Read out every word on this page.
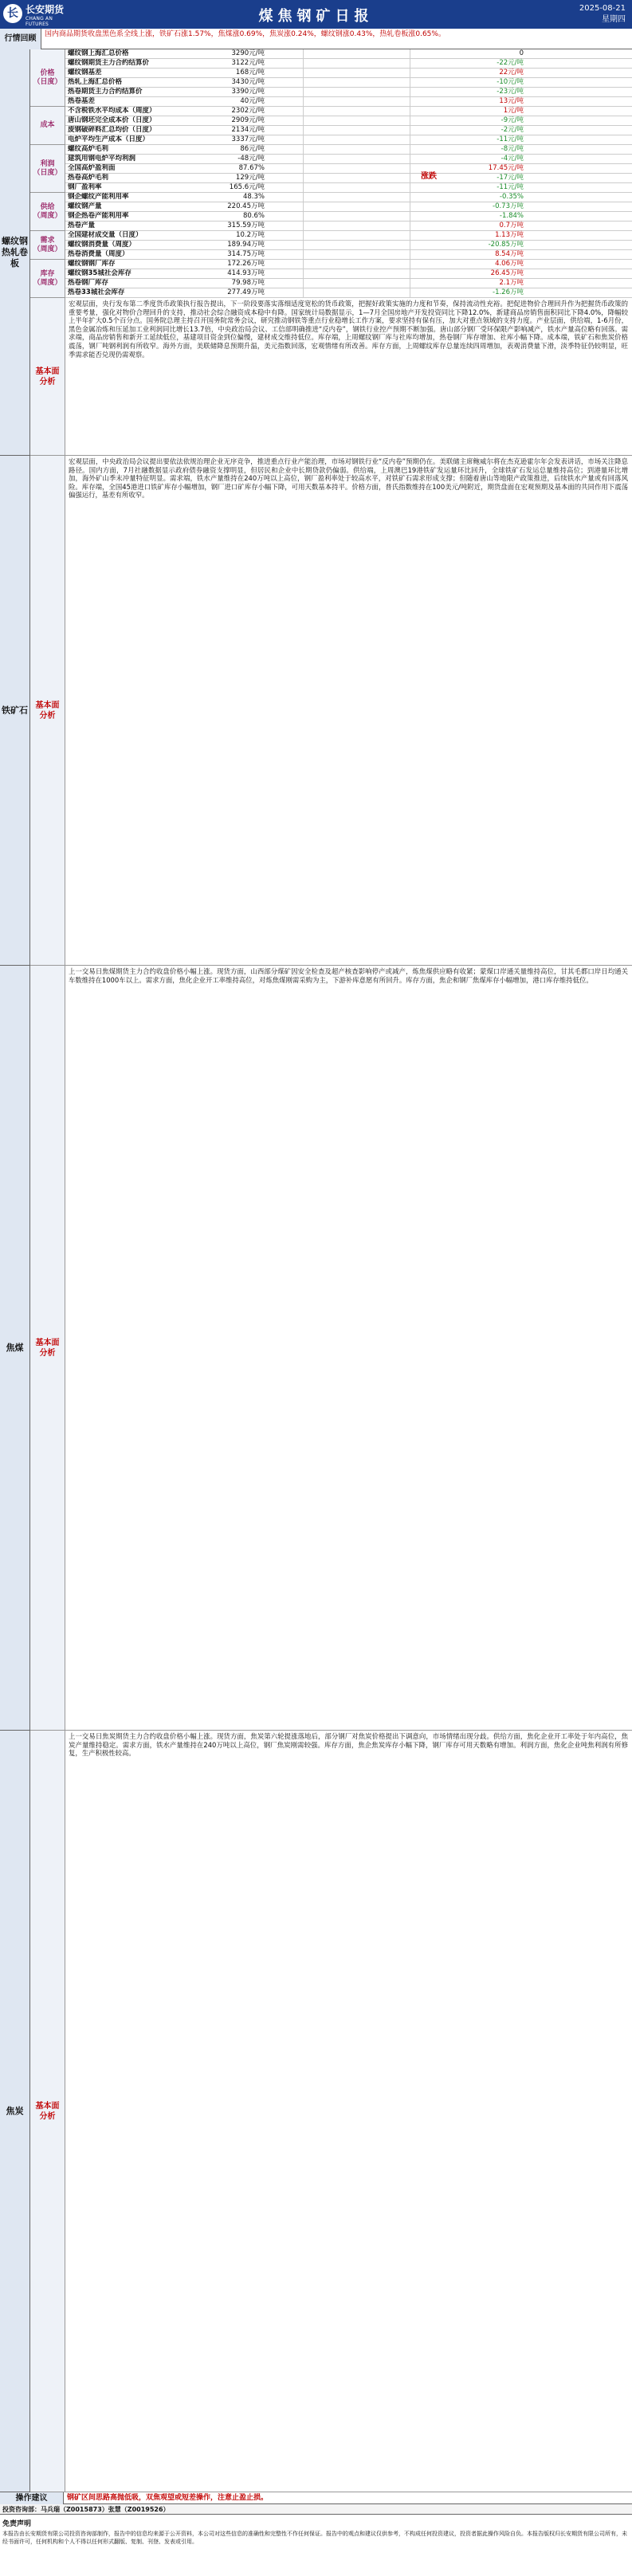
长 长安期货
CHANG AN FUTURES	煤焦钢矿日报	2025-08-21
星期四
行情回顾	国内商品期货收盘黑色系全线上涨，铁矿石涨1.57%，焦煤涨0.69%，焦炭涨0.24%，螺纹钢涨0.43%，热轧卷板涨0.65%。
螺纹钢
热轧卷板
价格
（日度）
螺纹钢上海汇总价格	3290元/吨	0
螺纹钢期货主力合约结算价	3122元/吨	-22元/吨
螺纹钢基差	168元/吨	22元/吨
热轧上海汇总价格	3430元/吨	-10元/吨
热卷期货主力合约结算价	3390元/吨	-23元/吨
热卷基差	40元/吨	13元/吨
成本
不含税铁水平均成本（周度）	2302元/吨	1元/吨
唐山钢坯完全成本价（日度）	2909元/吨	-9元/吨
废钢破碎料汇总均价（日度）	2134元/吨	-2元/吨
电炉平均生产成本（日度）	3337元/吨	-11元/吨
利润
（日度）
螺纹高炉毛利	86元/吨	-8元/吨
建筑用钢电炉平均利润	-48元/吨	-4元/吨
全国高炉盈利面	87.67%	17.45元/吨
热卷高炉毛利	129元/吨	-17元/吨
钢厂盈利率	165.6元/吨	-11元/吨
供给
（周度）
钢企螺纹产能利用率	48.3%	-0.35%
螺纹钢产量	220.45万吨	-0.73万吨
钢企热卷产能利用率	80.6%	-1.84%
热卷产量	315.59万吨	0.7万吨
需求
（周度）
全国建材成交量（日度）	10.2万吨	1.13万吨
螺纹钢消费量（周度）	189.94万吨	-20.85万吨
热卷消费量（周度）	314.75万吨	8.54万吨
库存
（周度）
螺纹钢钢厂库存	172.26万吨	4.06万吨
螺纹钢35城社会库存	414.93万吨	26.45万吨
热卷钢厂库存	79.98万吨	2.1万吨
热卷33城社会库存	277.49万吨	-1.26万吨
涨跌
基本面
分析
宏观层面，央行发布第二季度货币政策执行报告提出，下一阶段要落实落细适度宽松的货币政策，把握好政策实施的力度和节奏，保持流动性充裕。把促进物价合理回升作为把握货币政策的重要考量，强化对物价合理回升的支持，推动社会综合融资成本稳中有降。国家统计局数据显示，1—7月全国房地产开发投资同比下降12.0%，新建商品房销售面积同比下降4.0%，降幅较上半年扩大0.5个百分点。国务院总理主持召开国务院常务会议，研究推动钢铁等重点行业稳增长工作方案，要求坚持有保有压，加大对重点领域的支持力度。产业层面，供给端，1-6月份，黑色金属冶炼和压延加工业利润同比增长13.7倍，中央政治局会议、工信部明确推进“反内卷”，钢铁行业控产预期不断加强。唐山部分钢厂受环保限产影响减产，铁水产量高位略有回落。需求端，商品房销售和新开工延续低位，基建项目资金到位偏慢，建材成交维持低位。库存端，上周螺纹钢厂库与社库均增加，热卷钢厂库存增加、社库小幅下降。成本端，铁矿石和焦炭价格震荡，钢厂吨钢利润有所收窄。海外方面，美联储降息预期升温，美元指数回落，宏观情绪有所改善。库存方面，上周螺纹库存总量连续四周增加，表观消费量下滑，淡季特征仍较明显，旺季需求能否兑现仍需观察。
铁矿石 基本面
分析
宏观层面，中央政治局会议提出要依法依规治理企业无序竞争，推进重点行业产能治理，市场对钢铁行业“反内卷”预期仍在。美联储主席鲍威尔将在杰克逊霍尔年会发表讲话，市场关注降息路径。国内方面，7月社融数据显示政府债券融资支撑明显，但居民和企业中长期贷款仍偏弱。供给端，上周澳巴19港铁矿发运量环比回升，全球铁矿石发运总量维持高位；到港量环比增加，海外矿山季末冲量特征明显。需求端，铁水产量维持在240万吨以上高位，钢厂盈利率处于较高水平，对铁矿石需求形成支撑；但随着唐山等地限产政策推进，后续铁水产量或有回落风险。库存端，全国45港进口铁矿库存小幅增加，钢厂进口矿库存小幅下降，可用天数基本持平。价格方面，普氏指数维持在100美元/吨附近，期货盘面在宏观预期及基本面的共同作用下震荡偏强运行，基差有所收窄。
焦煤	基本面
分析
上一交易日焦煤期货主力合约收盘价格小幅上涨。现货方面，山西部分煤矿因安全检查及超产核查影响停产或减产，炼焦煤供应略有收紧；蒙煤口岸通关量维持高位，甘其毛都口岸日均通关车数维持在1000车以上。需求方面，焦化企业开工率维持高位，对炼焦煤刚需采购为主，下游补库意愿有所回升。库存方面，焦企和钢厂焦煤库存小幅增加，港口库存维持低位。
焦炭	基本面
分析
上一交易日焦炭期货主力合约收盘价格小幅上涨。现货方面，焦炭第六轮提涨落地后，部分钢厂对焦炭价格提出下调意向，市场情绪出现分歧。供给方面，焦化企业开工率处于年内高位，焦炭产量维持稳定。需求方面，铁水产量维持在240万吨以上高位，钢厂焦炭刚需较强。库存方面，焦企焦炭库存小幅下降，钢厂库存可用天数略有增加。利润方面，焦化企业吨焦利润有所修复，生产积极性较高。
操作建议	钢矿区间思路高抛低吸，双焦观望或短差操作，注意止盈止损。
投资咨询部：马兵瑞（Z0015873）张慧（Z0019526）
免责声明
本报告由长安期货有限公司投资咨询部制作，报告中的信息均来源于公开资料，本公司对这些信息的准确性和完整性不作任何保证。报告中的观点和建议仅供参考，不构成任何投资建议，投资者据此操作风险自负。本报告版权归长安期货有限公司所有，未经书面许可，任何机构和个人不得以任何形式翻版、复制、刊登、发表或引用。
